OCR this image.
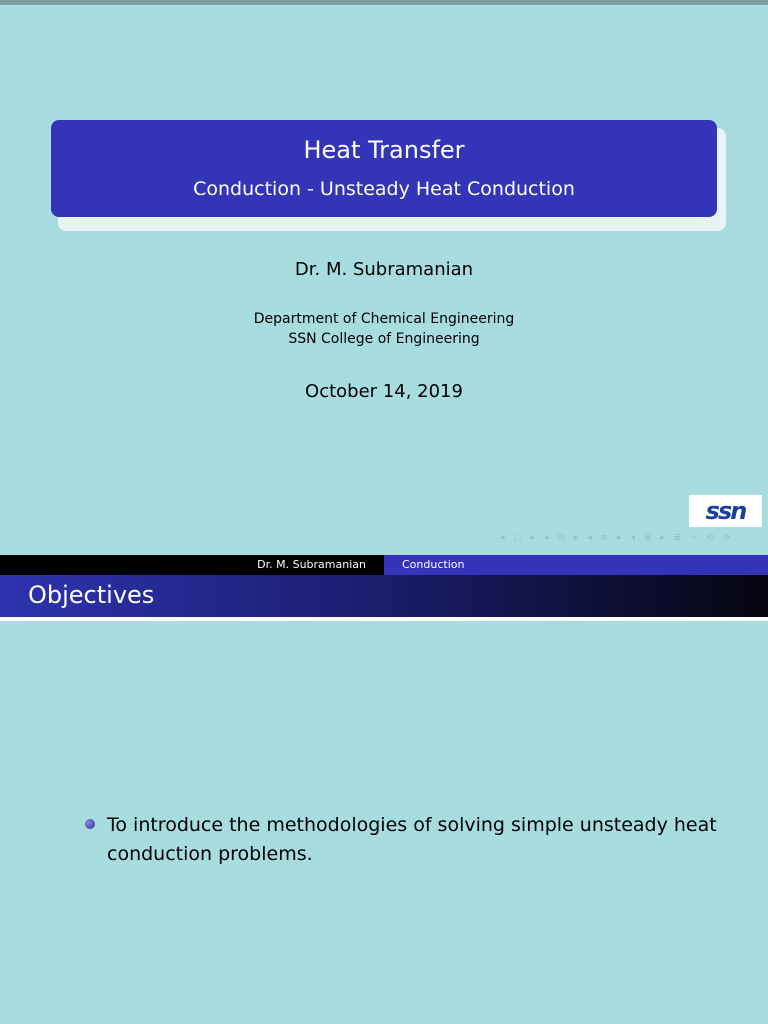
Heat Transfer
Conduction - Unsteady Heat Conduction
Dr. M. Subramanian
Department of Chemical Engineering
SSN College of Engineering
October 14, 2019
ssn
◂ ▢ ▸ ◂ ⊟ ▸ ◂ ≡ ▸ ◂ ≣ ▸ ≣ ∽ ⟲ ⟳
Dr. M. Subramanian	Conduction
Objectives
To introduce the methodologies of solving simple unsteady heat conduction problems.
